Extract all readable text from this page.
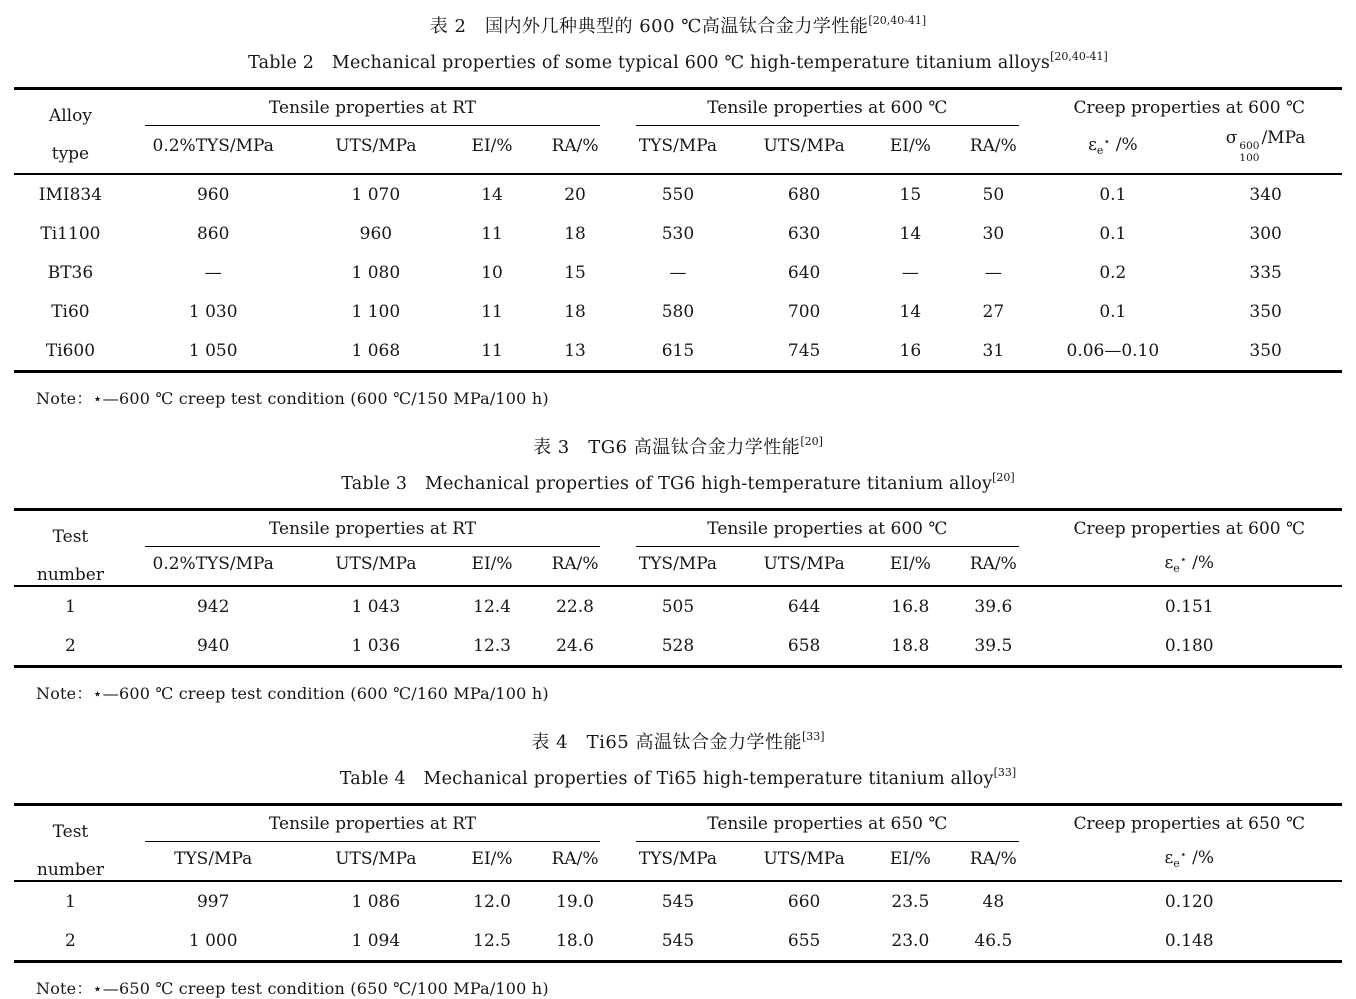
表 2　国内外几种典型的 600 ℃高温钛合金力学性能[20,40-41]
Table 2　Mechanical properties of some typical 600 ℃ high-temperature titanium alloys[20,40-41]
Alloy
type	Tensile properties at RT				Tensile properties at 600 ℃				Creep properties at 600 ℃	

	0.2%TYS/MPa	UTS/MPa	EI/%	RA/%	TYS/MPa	UTS/MPa	EI/%	RA/%	$\varepsilon_e^⋆$ /%	σ 600
100
/MPa
IMI834	960	1 070	14	20	550	680	15	50	0.1	340
Ti1100	860	960	11	18	530	630	14	30	0.1	300
BT36	—	1 080	10	15	—	640	—	—	0.2	335
Ti60	1 030	1 100	11	18	580	700	14	27	0.1	350
Ti600	1 050	1 068	11	13	615	745	16	31	0.06—0.10	350
Note：⋆—600 ℃ creep test condition (600 ℃/150 MPa/100 h)
表 3　TG6 高温钛合金力学性能[20]
Table 3　Mechanical properties of TG6 high-temperature titanium alloy[20]
Test
number	Tensile properties at RT				Tensile properties at 600 ℃				Creep properties at 600 ℃

	0.2%TYS/MPa	UTS/MPa	EI/%	RA/%	TYS/MPa	UTS/MPa	EI/%	RA/%	$\varepsilon_e^⋆$ /%
1	942	1 043	12.4	22.8	505	644	16.8	39.6	0.151
2	940	1 036	12.3	24.6	528	658	18.8	39.5	0.180
Note：⋆—600 ℃ creep test condition (600 ℃/160 MPa/100 h)
表 4　Ti65 高温钛合金力学性能[33]
Table 4　Mechanical properties of Ti65 high-temperature titanium alloy[33]
Test
number	Tensile properties at RT				Tensile properties at 650 ℃				Creep properties at 650 ℃

	TYS/MPa	UTS/MPa	EI/%	RA/%	TYS/MPa	UTS/MPa	EI/%	RA/%	$\varepsilon_e^⋆$ /%
1	997	1 086	12.0	19.0	545	660	23.5	48	0.120
2	1 000	1 094	12.5	18.0	545	655	23.0	46.5	0.148
Note：⋆—650 ℃ creep test condition (650 ℃/100 MPa/100 h)
